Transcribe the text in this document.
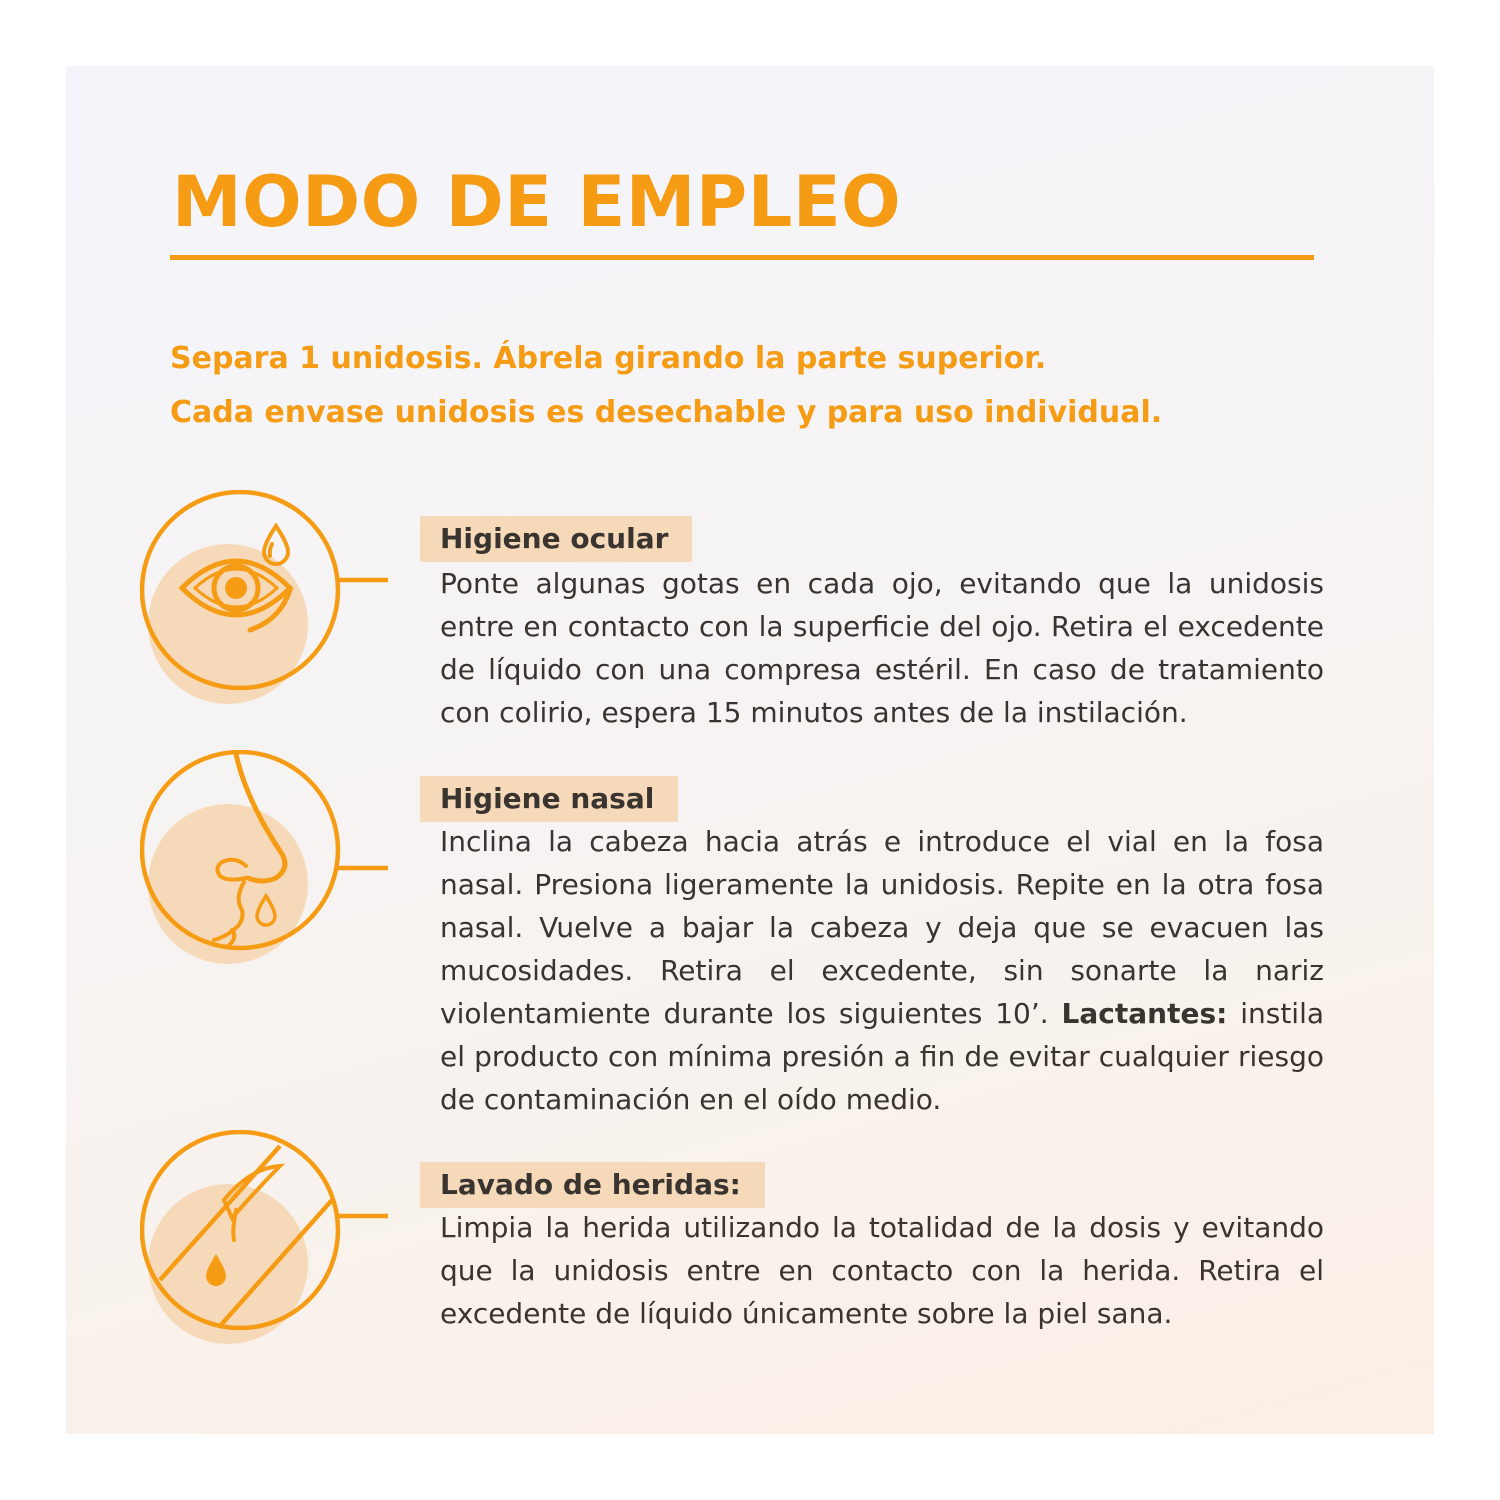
MODO DE EMPLEO
Separa 1 unidosis. Ábrela girando la parte superior.
Cada envase unidosis es desechable y para uso individual.
Higiene ocular
Ponte algunas gotas en cada ojo, evitando que la unidosis entre en contacto con la superficie del ojo. Retira el excedente de líquido con una compresa estéril. En caso de tratamiento con colirio, espera 15 minutos antes de la instilación.
Higiene nasal
Inclina la cabeza hacia atrás e introduce el vial en la fosa nasal. Presiona ligeramente la unidosis. Repite en la otra fosa nasal. Vuelve a bajar la cabeza y deja que se evacuen las mucosidades. Retira el excedente, sin sonarte la nariz violentamiente durante los siguientes 10’. Lactantes: instila el producto con mínima presión a fin de evitar cualquier riesgo de contaminación en el oído medio.
Lavado de heridas:
Limpia la herida utilizando la totalidad de la dosis y evitando que la unidosis entre en contacto con la herida. Retira el excedente de líquido únicamente sobre la piel sana.
